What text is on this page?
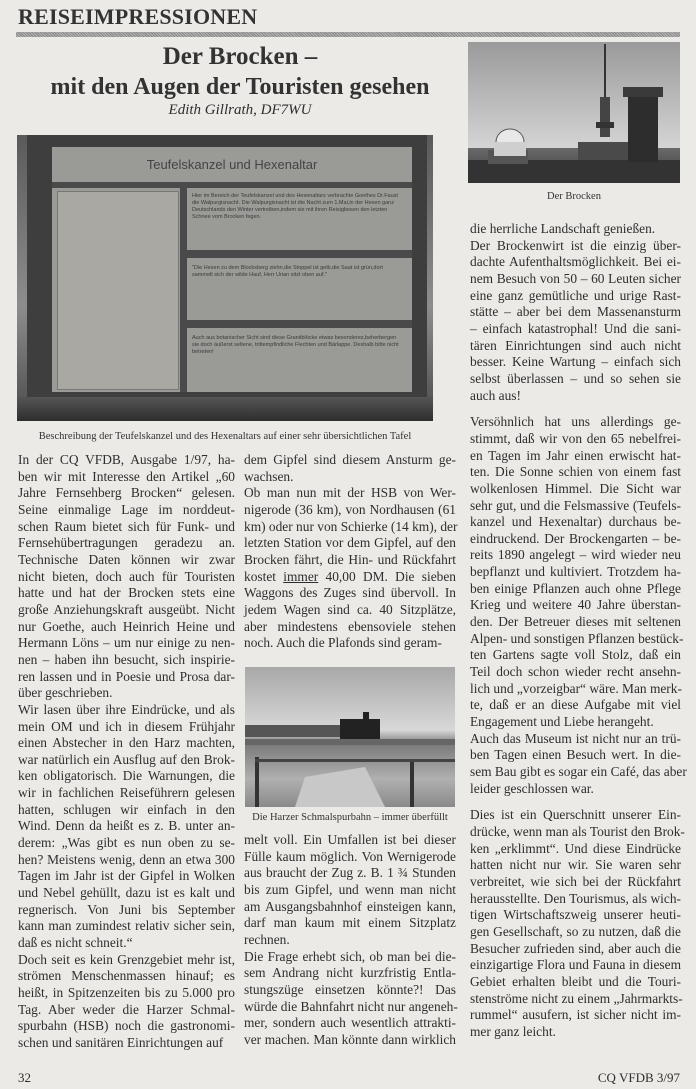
REISEIMPRESSIONEN
Der Brocken –
mit den Augen der Touristen gesehen
Edith Gillrath, DF7WU
Der Brocken
Teufelskanzel und Hexenaltar
Hier im Bereich der Teufelskanzel und des Hexenaltars verbrachte Goethes Dr.Faust die Walpurgisnacht. Die Walpurgisnacht ist die Nacht zum 1.Mai,in der Hexen ganz Deutschlands den Winter vertreiben,indem sie mit ihren Reisigbesen den letzten Schnee vom Brocken fegen.
"Die Hexen zu dem Blocksberg ziehn,die Stoppel ist gelb,die Saat ist grün,dort sammelt sich der wilde Hauf, Herr Urian sitzt oben auf."
Auch aus botanischer Sicht sind diese Granitblöcke etwas besonderes,beherbergen sie doch äußerst seltene, trittempfindliche Flechten und Bärlappe. Deshalb bitte nicht betreten!
Beschreibung der Teufelskanzel und des Hexenaltars auf einer sehr übersichtlichen Tafel
Die Harzer Schmalspurbahn – immer überfüllt
In der CQ VFDB, Ausgabe 1/97, ha-
ben wir mit Interesse den Artikel „60
Jahre Fernsehberg Brocken“ gelesen.
Seine einmalige Lage im norddeut-
schen Raum bietet sich für Funk- und
Fernsehübertragungen geradezu an.
Technische Daten können wir zwar
nicht bieten, doch auch für Touristen
hatte und hat der Brocken stets eine
große Anziehungskraft ausgeübt. Nicht
nur Goethe, auch Heinrich Heine und
Hermann Löns – um nur einige zu nen-
nen – haben ihn besucht, sich inspirie-
ren lassen und in Poesie und Prosa dar-
über geschrieben.
Wir lasen über ihre Eindrücke, und als
mein OM und ich in diesem Frühjahr
einen Abstecher in den Harz machten,
war natürlich ein Ausflug auf den Brok-
ken obligatorisch. Die Warnungen, die
wir in fachlichen Reiseführern gelesen
hatten, schlugen wir einfach in den
Wind. Denn da heißt es z. B. unter an-
derem: „Was gibt es nun oben zu se-
hen? Meistens wenig, denn an etwa 300
Tagen im Jahr ist der Gipfel in Wolken
und Nebel gehüllt, dazu ist es kalt und
regnerisch. Von Juni bis September
kann man zumindest relativ sicher sein,
daß es nicht schneit.“
Doch seit es kein Grenzgebiet mehr ist,
strömen Menschenmassen hinauf; es
heißt, in Spitzenzeiten bis zu 5.000 pro
Tag. Aber weder die Harzer Schmal-
spurbahn (HSB) noch die gastronomi-
schen und sanitären Einrichtungen auf
dem Gipfel sind diesem Ansturm ge-
wachsen.
Ob man nun mit der HSB von Wer-
nigerode (36 km), von Nordhausen (61
km) oder nur von Schierke (14 km), der
letzten Station vor dem Gipfel, auf den
Brocken fährt, die Hin- und Rückfahrt
kostet immer 40,00 DM. Die sieben
Waggons des Zuges sind übervoll. In
jedem Wagen sind ca. 40 Sitzplätze,
aber mindestens ebensoviele stehen
noch. Auch die Plafonds sind geram-
melt voll. Ein Umfallen ist bei dieser
Fülle kaum möglich. Von Wernigerode
aus braucht der Zug z. B. 1 ¾ Stunden
bis zum Gipfel, und wenn man nicht
am Ausgangsbahnhof einsteigen kann,
darf man kaum mit einem Sitzplatz
rechnen.
Die Frage erhebt sich, ob man bei die-
sem Andrang nicht kurzfristig Entla-
stungszüge einsetzen könnte?! Das
würde die Bahnfahrt nicht nur angeneh-
mer, sondern auch wesentlich attrakti-
ver machen. Man könnte dann wirklich
die herrliche Landschaft genießen.
Der Brockenwirt ist die einzig über-
dachte Aufenthaltsmöglichkeit. Bei ei-
nem Besuch von 50 – 60 Leuten sicher
eine ganz gemütliche und urige Rast-
stätte – aber bei dem Massenansturm
– einfach katastrophal! Und die sani-
tären Einrichtungen sind auch nicht
besser. Keine Wartung – einfach sich
selbst überlassen – und so sehen sie
auch aus!
Versöhnlich hat uns allerdings ge-
stimmt, daß wir von den 65 nebelfrei-
en Tagen im Jahr einen erwischt hat-
ten. Die Sonne schien von einem fast
wolkenlosen Himmel. Die Sicht war
sehr gut, und die Felsmassive (Teufels-
kanzel und Hexenaltar) durchaus be-
eindruckend. Der Brockengarten – be-
reits 1890 angelegt – wird wieder neu
bepflanzt und kultiviert. Trotzdem ha-
ben einige Pflanzen auch ohne Pflege
Krieg und weitere 40 Jahre überstan-
den. Der Betreuer dieses mit seltenen
Alpen- und sonstigen Pflanzen bestück-
ten Gartens sagte voll Stolz, daß ein
Teil doch schon wieder recht ansehn-
lich und „vorzeigbar“ wäre. Man merk-
te, daß er an diese Aufgabe mit viel
Engagement und Liebe herangeht.
Auch das Museum ist nicht nur an trü-
ben Tagen einen Besuch wert. In die-
sem Bau gibt es sogar ein Café, das aber
leider geschlossen war.
Dies ist ein Querschnitt unserer Ein-
drücke, wenn man als Tourist den Brok-
ken „erklimmt“. Und diese Eindrücke
hatten nicht nur wir. Sie waren sehr
verbreitet, wie sich bei der Rückfahrt
herausstellte. Den Tourismus, als wich-
tigen Wirtschaftszweig unserer heuti-
gen Gesellschaft, so zu nutzen, daß die
Besucher zufrieden sind, aber auch die
einzigartige Flora und Fauna in diesem
Gebiet erhalten bleibt und die Touri-
stenströme nicht zu einem „Jahrmarkts-
rummel“ ausufern, ist sicher nicht im-
mer ganz leicht.
32	CQ VFDB 3/97
